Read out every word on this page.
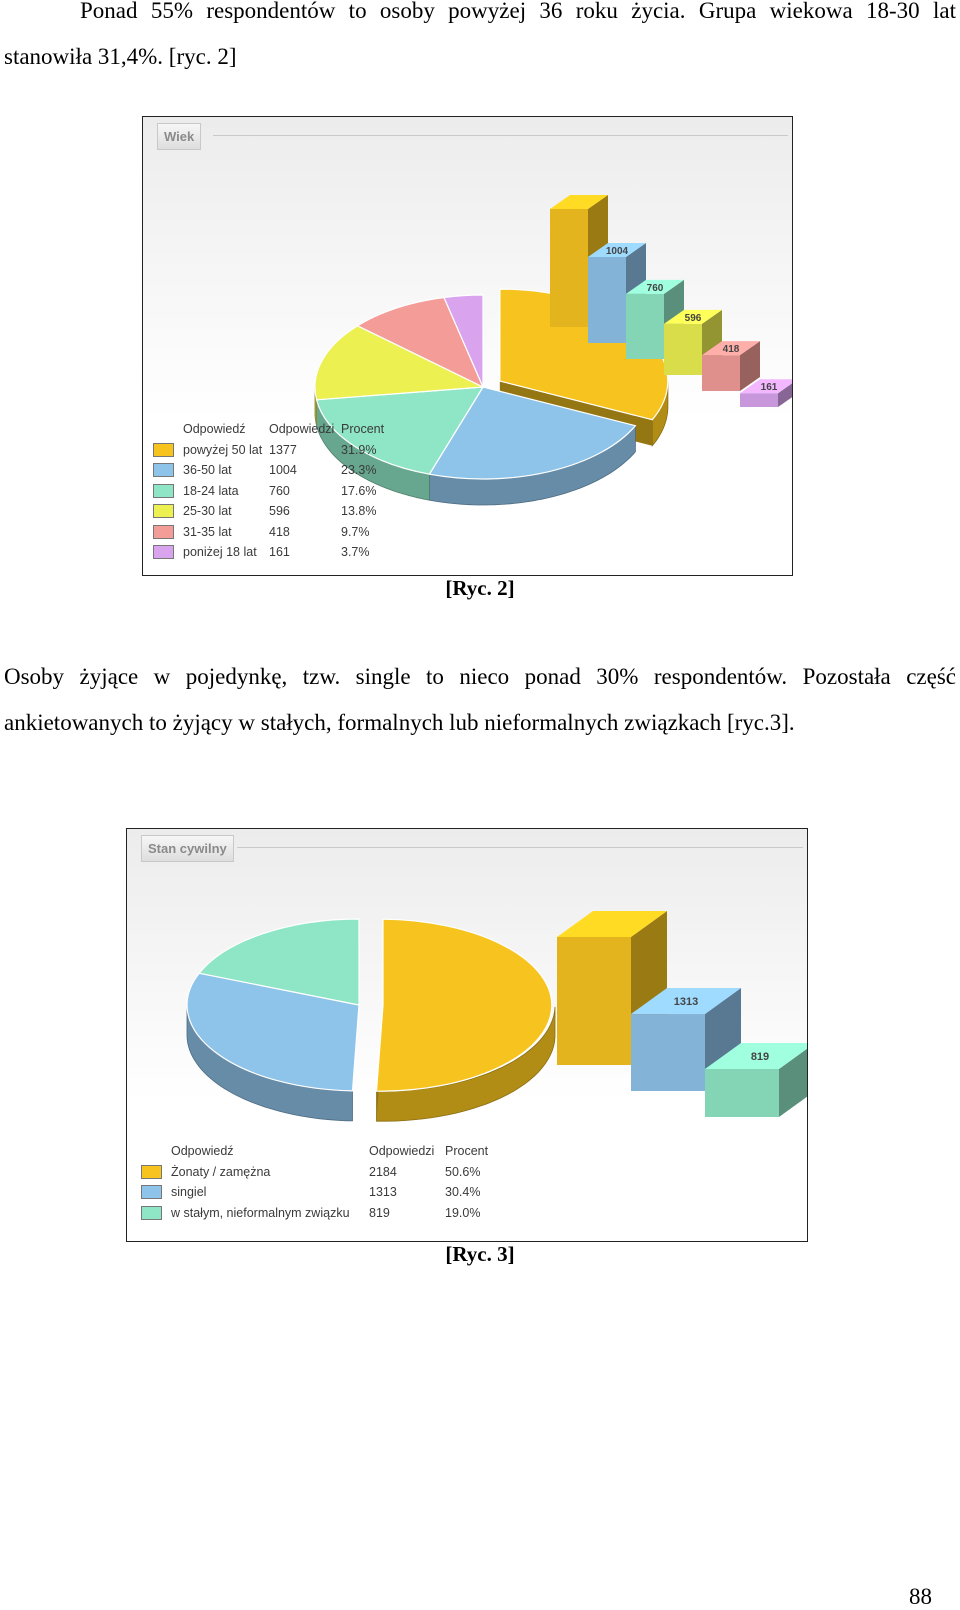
Ponad 55% respondentów to osoby powyżej 36 roku życia. Grupa wiekowa 18-30 lat stanowiła 31,4%. [ryc. 2]

Wiek
1004
760
596
418
161
Odpowiedź Odpowiedzi Procent
powyżej 50 lat 1377	31.9%
36-50 lat	1004	23.3%
18-24 lata 760	17.6%
25-30 lat	596	13.8%
31-35 lat	418	9.7%
poniżej 18 lat 161	3.7%
[Ryc. 2]

Osoby żyjące w pojedynkę, tzw. single to nieco ponad 30% respondentów. Pozostała część ankietowanych to żyjący w stałych, formalnych lub nieformalnych związkach [ryc.3].

Stan cywilny
1313
819
Odpowiedź	Odpowiedzi Procent
Żonaty / zamężna	2184	50.6%
singiel	1313	30.4%
w stałym, nieformalnym związku 819	19.0%
[Ryc. 3]
88
